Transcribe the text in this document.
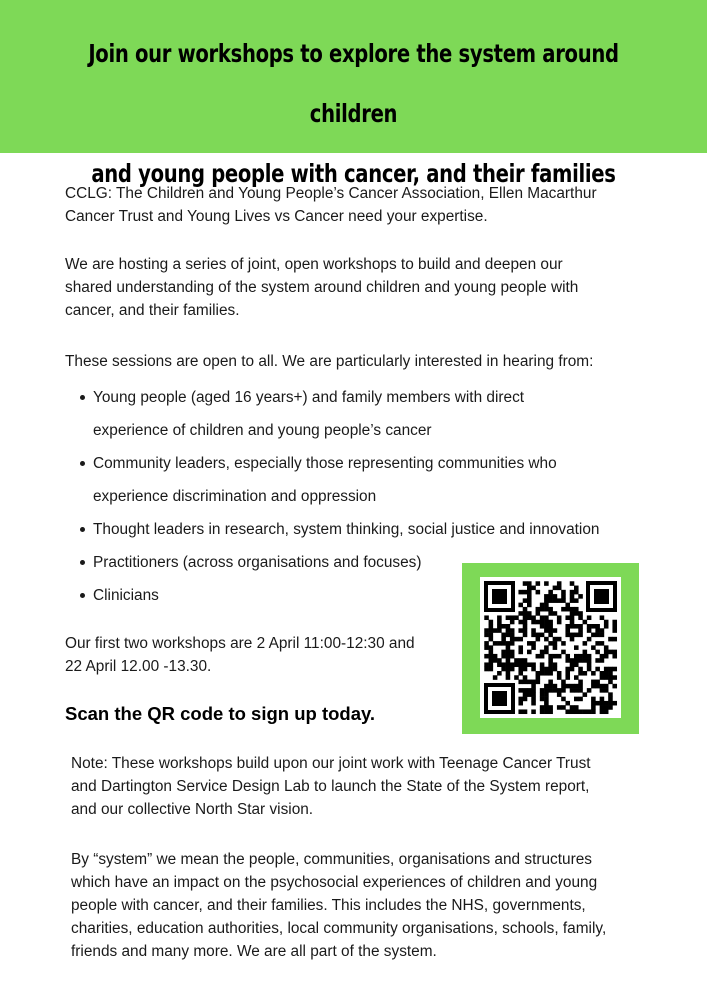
Join our workshops to explore the system around children
and young people with cancer, and their families

CCLG: The Children and Young People’s Cancer Association, Ellen Macarthur
Cancer Trust and Young Lives vs Cancer need your expertise.

We are hosting a series of joint, open workshops to build and deepen our
shared understanding of the system around children and young people with
cancer, and their families.

These sessions are open to all. We are particularly interested in hearing from:

Young people (aged 16 years+) and family members with direct
experience of children and young people’s cancer
Community leaders, especially those representing communities who
experience discrimination and oppression
Thought leaders in research, system thinking, social justice and innovation
Practitioners (across organisations and focuses)
Clinicians

Our first two workshops are 2 April 11:00-12:30 and
22 April 12.00 -13.30.

Scan the QR code to sign up today.

Note: These workshops build upon our joint work with Teenage Cancer Trust
and Dartington Service Design Lab to launch the State of the System report,
and our collective North Star vision.

By “system” we mean the people, communities, organisations and structures
which have an impact on the psychosocial experiences of children and young
people with cancer, and their families. This includes the NHS, governments,
charities, education authorities, local community organisations, schools, family,
friends and many more. We are all part of the system.
